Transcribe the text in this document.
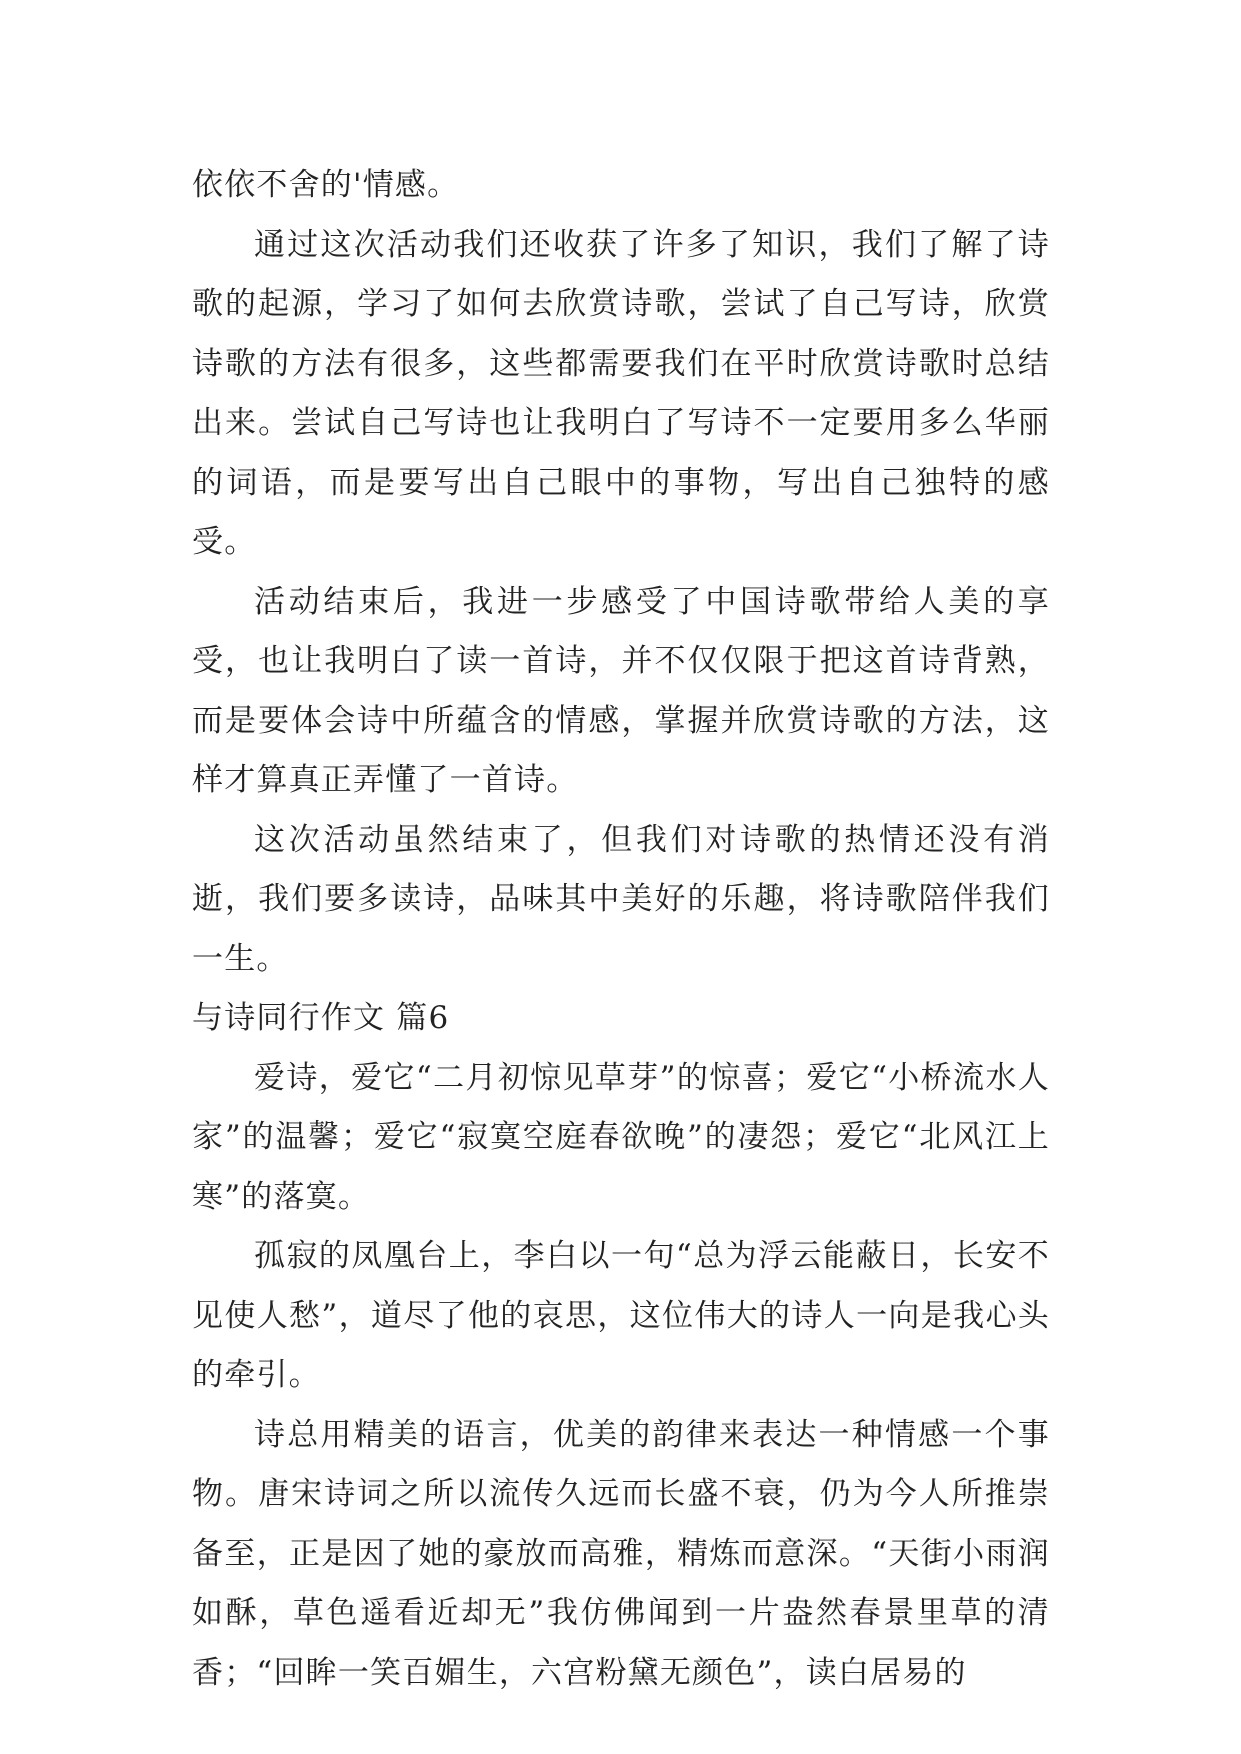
依依不舍的'情感。

通过这次活动我们还收获了许多了知识，我们了解了诗歌的起源，学习了如何去欣赏诗歌，尝试了自己写诗，欣赏诗歌的方法有很多，这些都需要我们在平时欣赏诗歌时总结出来。尝试自己写诗也让我明白了写诗不一定要用多么华丽的词语，而是要写出自己眼中的事物，写出自己独特的感受。

活动结束后，我进一步感受了中国诗歌带给人美的享受，也让我明白了读一首诗，并不仅仅限于把这首诗背熟，而是要体会诗中所蕴含的情感，掌握并欣赏诗歌的方法，这样才算真正弄懂了一首诗。

这次活动虽然结束了，但我们对诗歌的热情还没有消逝，我们要多读诗，品味其中美好的乐趣，将诗歌陪伴我们一生。

与诗同行作文 篇6

爱诗，爱它“二月初惊见草芽”的惊喜；爱它“小桥流水人家”的温馨；爱它“寂寞空庭春欲晚”的凄怨；爱它“北风江上寒”的落寞。

孤寂的凤凰台上，李白以一句“总为浮云能蔽日，长安不见使人愁”，道尽了他的哀思，这位伟大的诗人一向是我心头的牵引。

诗总用精美的语言，优美的韵律来表达一种情感一个事物。唐宋诗词之所以流传久远而长盛不衰，仍为今人所推崇备至，正是因了她的豪放而高雅，精炼而意深。“天街小雨润如酥，草色遥看近却无”我仿佛闻到一片盎然春景里草的清香；“回眸一笑百媚生，六宫粉黛无颜色”，读白居易的
